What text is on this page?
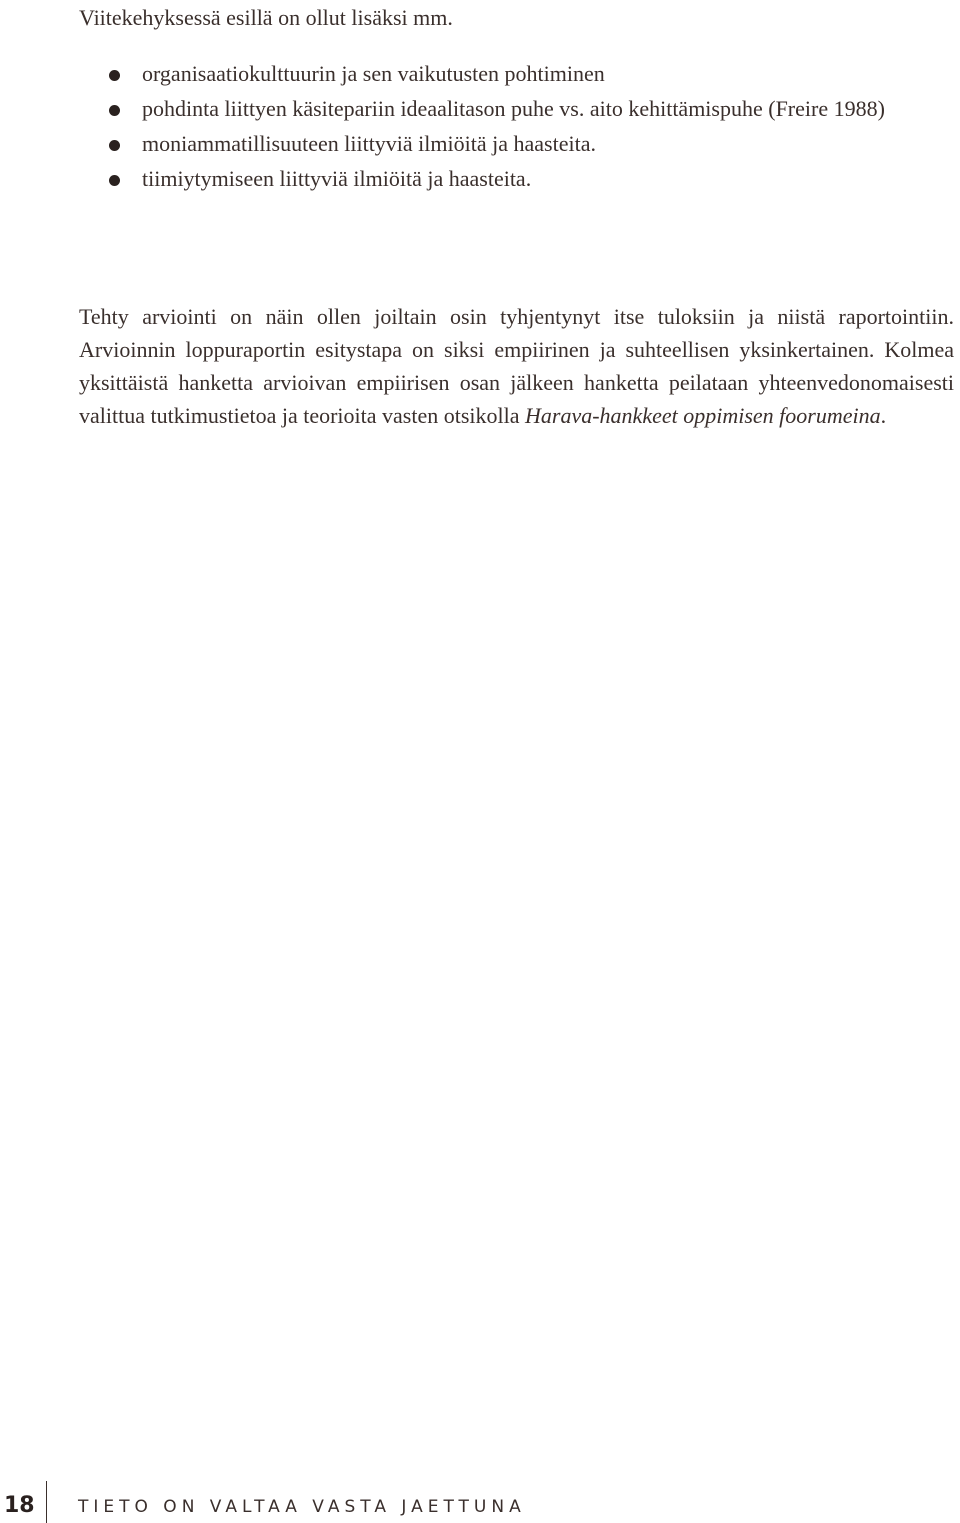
Viitekehyksessä esillä on ollut lisäksi mm.

organisaatiokulttuurin ja sen vaikutusten pohtiminen
pohdinta liittyen käsitepariin ideaalitason puhe vs. aito kehittämispuhe (Freire 1988)
moniammatillisuuteen liittyviä ilmiöitä ja haasteita.
tiimiytymiseen liittyviä ilmiöitä ja haasteita.

Tehty arviointi on näin ollen joiltain osin tyhjentynyt itse tuloksiin ja niistä raportointiin. Arvioinnin loppuraportin esitystapa on siksi empiirinen ja suhteellisen yksinkertainen. Kolmea yksittäistä hanketta arvioivan empiirisen osan jälkeen hanketta peilataan yhteenvedonomaisesti valittua tutkimustietoa ja teorioita vasten otsikolla Harava-hankkeet oppimisen foorumeina.

18	TIETO ON VALTAA VASTA JAETTUNA
